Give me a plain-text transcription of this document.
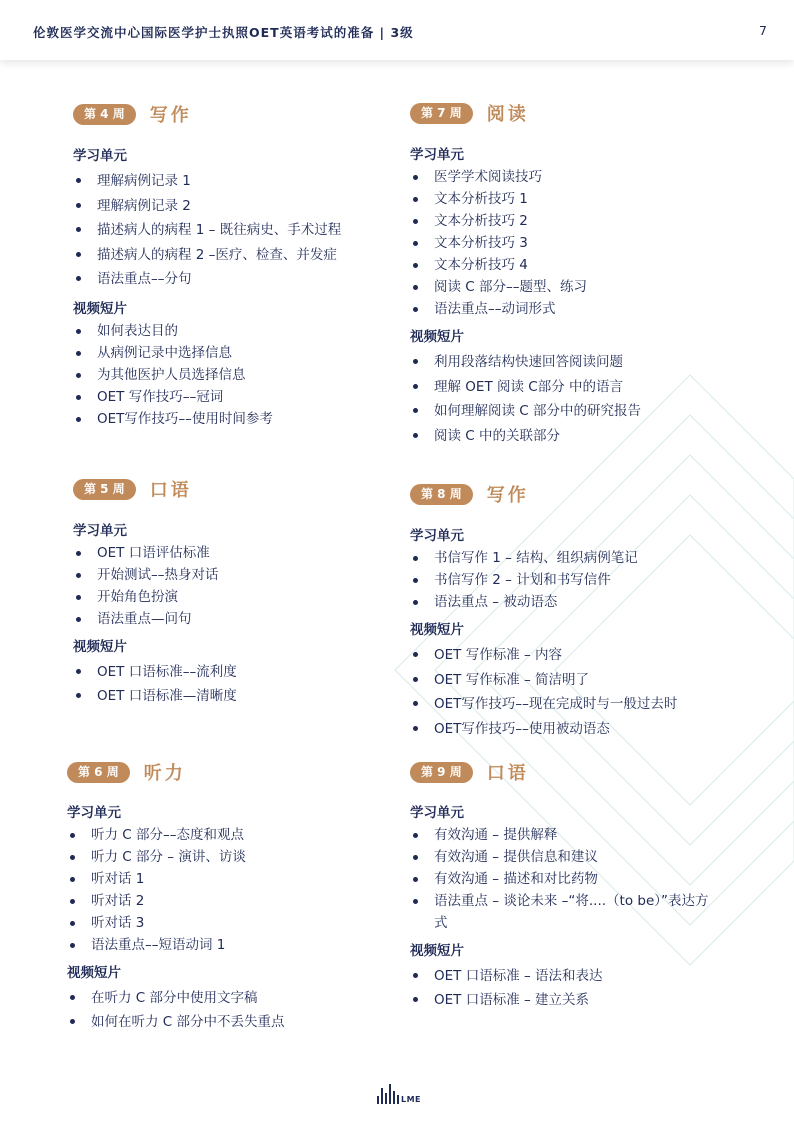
伦敦医学交流中心国际医学护士执照OET英语考试的准备 | 3级	7
第 4 周	写作
学习单元
理解病例记录 1
理解病例记录 2
描述病人的病程 1 – 既往病史、手术过程
描述病人的病程 2 –医疗、检查、并发症
语法重点––分句
视频短片
如何表达目的
从病例记录中选择信息
为其他医护人员选择信息
OET 写作技巧––冠词
OET写作技巧––使用时间参考
第 5 周	口语
学习单元
OET 口语评估标准
开始测试––热身对话
开始角色扮演
语法重点—问句
视频短片
OET 口语标准––流利度
OET 口语标准—清晰度
第 6 周	听力
学习单元
听力 C 部分––态度和观点
听力 C 部分 – 演讲、访谈
听对话 1
听对话 2
听对话 3
语法重点––短语动词 1
视频短片
在听力 C 部分中使用文字稿
如何在听力 C 部分中不丢失重点
第 7 周	阅读
学习单元
医学学术阅读技巧
文本分析技巧 1
文本分析技巧 2
文本分析技巧 3
文本分析技巧 4
阅读 C 部分––题型、练习
语法重点––动词形式
视频短片
利用段落结构快速回答阅读问题
理解 OET 阅读 C部分 中的语言
如何理解阅读 C 部分中的研究报告
阅读 C 中的关联部分
第 8 周	写作
学习单元
书信写作 1 – 结构、组织病例笔记
书信写作 2 – 计划和书写信件
语法重点 – 被动语态
视频短片
OET 写作标准 – 内容
OET 写作标准 – 简洁明了
OET写作技巧––现在完成时与一般过去时
OET写作技巧––使用被动语态
第 9 周	口语
学习单元
有效沟通 – 提供解释
有效沟通 – 提供信息和建议
有效沟通 – 描述和对比药物
语法重点 – 谈论未来 –“将....（to be）”表达方式
视频短片
OET 口语标准 – 语法和表达
OET 口语标准 – 建立关系
LME
